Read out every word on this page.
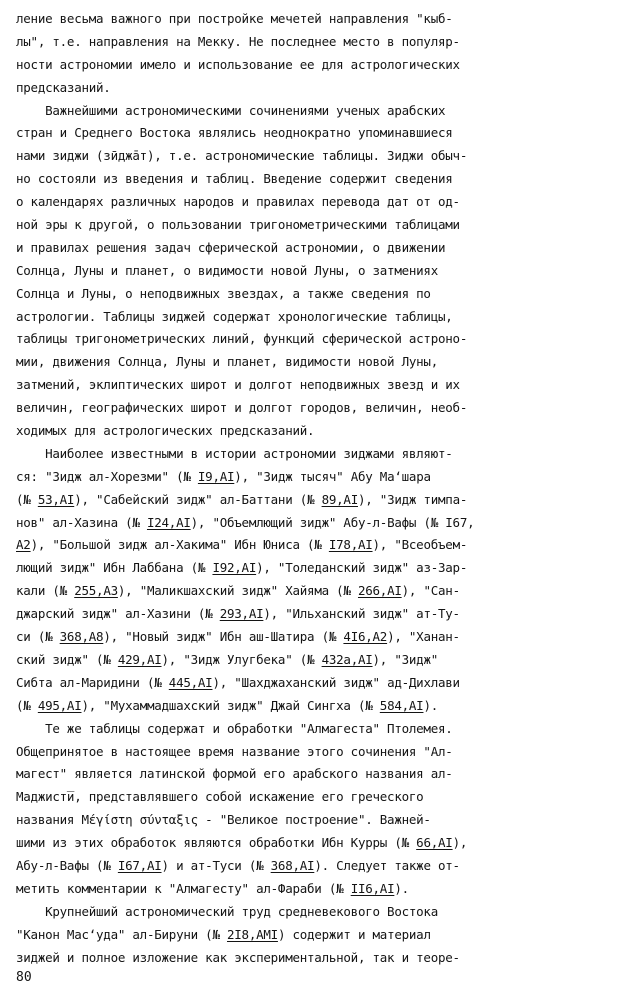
ление весьма важного при постройке мечетей направления "кыб-
лы", т.е. направления на Мекку. Не последнее место в популяр-
ности астрономии имело и использование ее для астрологических
предсказаний.
Важнейшими астрономическими сочинениями ученых арабских
стран и Среднего Востока являлись неоднократно упоминавшиеся
нами зиджи (зӣджāт), т.е. астрономические таблицы. Зиджи обыч-
но состояли из введения и таблиц. Введение содержит сведения
о календарях различных народов и правилах перевода дат от од-
ной эры к другой, о пользовании тригонометрическими таблицами
и правилах решения задач сферической астрономии, о движении
Солнца, Луны и планет, о видимости новой Луны, о затмениях
Солнца и Луны, о неподвижных звездах, а также сведения по
астрологии. Таблицы зиджей содержат хронологические таблицы,
таблицы тригонометрических линий, функций сферической астроно-
мии, движения Солнца, Луны и планет, видимости новой Луны,
затмений, эклиптических широт и долгот неподвижных звезд и их
величин, географических широт и долгот городов, величин, необ-
ходимых для астрологических предсказаний.
Наиболее известными в истории астрономии зиджами являют-
ся: "Зидж ал-Хорезми" (№ I9,AI), "Зидж тысяч" Абу Ма‘шара
(№ 53,AI), "Сабейский зидж" ал-Баттани (№ 89,AI), "Зидж тимпа-
нов" ал-Хазина (№ I24,AI), "Объемлющий зидж" Абу-л-Вафы (№ I67,
A2), "Большой зидж ал-Хакима" Ибн Юниса (№ I78,AI), "Всеобъем-
лющий зидж" Ибн Лаббана (№ I92,AI), "Толеданский зидж" аз-Зар-
кали (№ 255,A3), "Маликшахский зидж" Хайяма (№ 266,AI), "Сан-
джарский зидж" ал-Хазини (№ 293,AI), "Ильханский зидж" ат-Ту-
си (№ 368,A8), "Новый зидж" Ибн аш-Шатира (№ 4I6,A2), "Ханан-
ский зидж" (№ 429,AI), "Зидж Улугбека" (№ 432a,AI), "Зидж"
Сибта ал-Маридини (№ 445,AI), "Шахджаханский зидж" ад-Дихлави
(№ 495,AI), "Мухаммадшахский зидж" Джай Сингха (№ 584,AI).
Те же таблицы содержат и обработки "Алмагеста" Птолемея.
Общепринятое в настоящее время название этого сочинения "Ал-
магест" является латинской формой его арабского названия ал-
Маджисти̅, представлявшего собой искажение его греческого
названия Μέγίστη σύνταξις - "Великое построение". Важней-
шими из этих обработок являются обработки Ибн Курры (№ 66,AI),
Абу-л-Вафы (№ I67,AI) и ат-Туси (№ 368,AI). Следует также от-
метить комментарии к "Алмагесту" ал-Фараби (№ II6,AI).
Крупнейший астрономический труд средневекового Востока
"Канон Мас‘уда" ал-Бируни (№ 2I8,AMI) содержит и материал
зиджей и полное изложение как экспериментальной, так и теоре-
80
